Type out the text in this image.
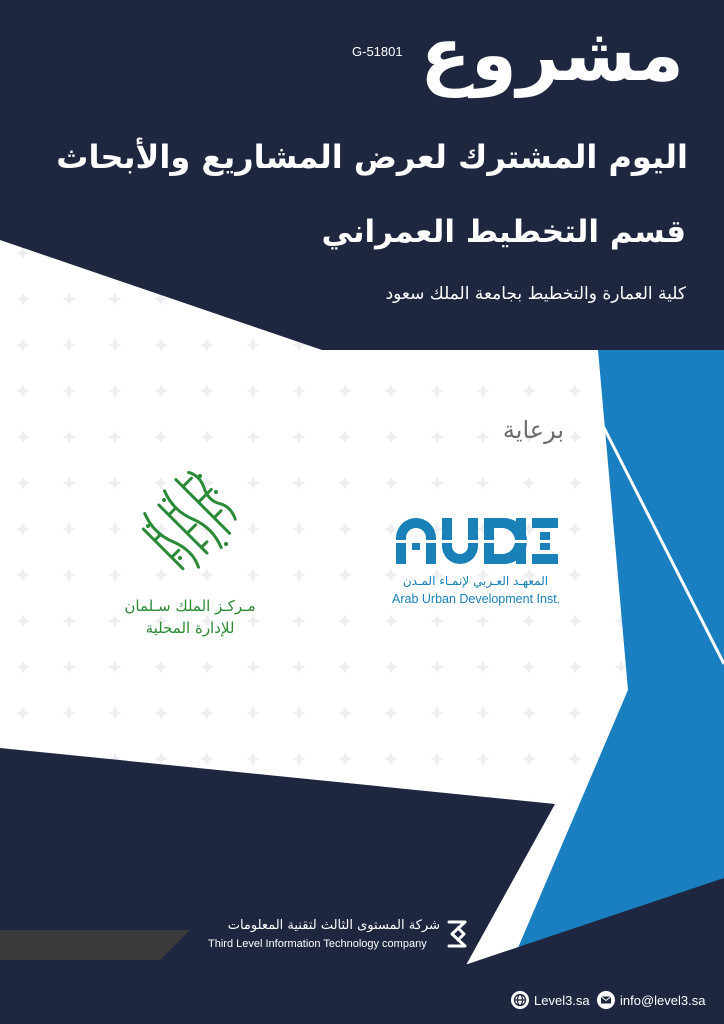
مشروع
G-51801
اليوم المشترك لعرض المشاريع والأبحاث
قسم التخطيط العمراني
كلية العمارة والتخطيط بجامعة الملك سعود
برعاية
مـركـز الملك سـلمان
للإدارة المحلية
المعهـد العـربي لإنمـاء المـدن
Arab Urban Development Inst.
شركة المستوى الثالث لتقنية المعلومات
Third Level Information Technology company
Level3.sa info@level3.sa
